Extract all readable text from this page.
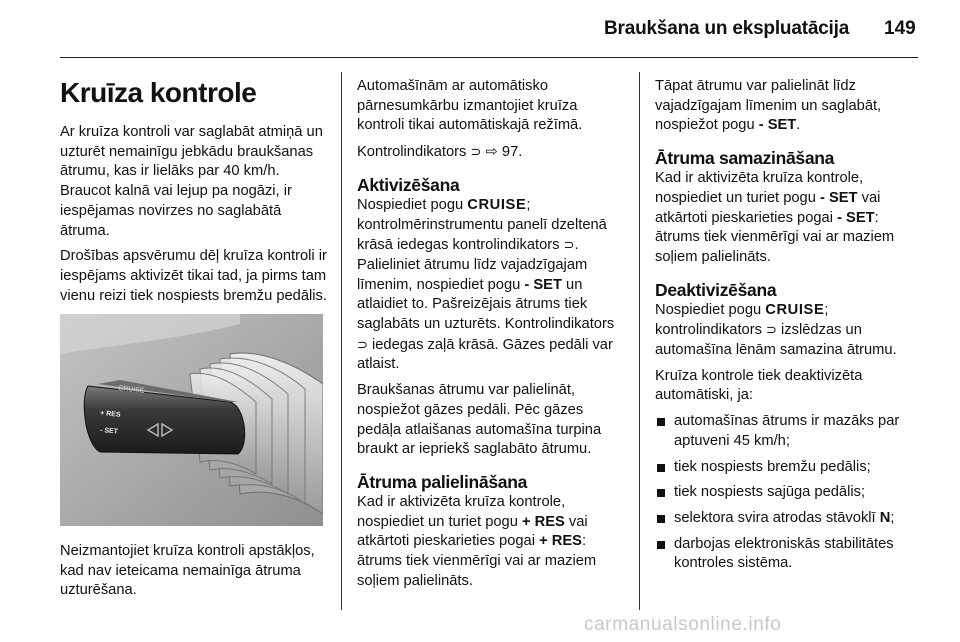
Braukšana un ekspluatācija 149
Kruīza kontrole

Ar kruīza kontroli var saglabāt atmiņā un uzturēt nemainīgu jebkādu braukšanas ātrumu, kas ir lielāks par 40 km/h. Braucot kalnā vai lejup pa nogāzi, ir iespējamas novirzes no saglabātā ātruma.

Drošības apsvērumu dēļ kruīza kontroli ir iespējams aktivizēt tikai tad, ja pirms tam vienu reizi tiek nospiests bremžu pedālis.

CRUISE
+ RES
- SET
Neizmantojiet kruīza kontroli apstākļos, kad nav ieteicama nemainīga ātruma uzturēšana.

Automašīnām ar automātisko pārnesumkārbu izmantojiet kruīza kontroli tikai automātiskajā režīmā.

Kontrolindikators ⊃ ⇨ 97.

Aktivizēšana

Nospiediet pogu CRUISE; kontrolmērinstrumentu panelī dzeltenā krāsā iedegas kontrolindikators ⊃. Palieliniet ātrumu līdz vajadzīgajam līmenim, nospiediet pogu - SET un atlaidiet to. Pašreizējais ātrums tiek saglabāts un uzturēts. Kontrolindikators ⊃ iedegas zaļā krāsā. Gāzes pedāli var atlaist.

Braukšanas ātrumu var palielināt, nospiežot gāzes pedāli. Pēc gāzes pedāļa atlaišanas automašīna turpina braukt ar iepriekš saglabāto ātrumu.

Ātruma palielināšana

Kad ir aktivizēta kruīza kontrole, nospiediet un turiet pogu + RES vai atkārtoti pieskarieties pogai + RES: ātrums tiek vienmērīgi vai ar maziem soļiem palielināts.

Tāpat ātrumu var palielināt līdz vajadzīgajam līmenim un saglabāt, nospiežot pogu - SET.

Ātruma samazināšana

Kad ir aktivizēta kruīza kontrole, nospiediet un turiet pogu - SET vai atkārtoti pieskarieties pogai - SET: ātrums tiek vienmērīgi vai ar maziem soļiem palielināts.

Deaktivizēšana

Nospiediet pogu CRUISE; kontrolindikators ⊃ izslēdzas un automašīna lēnām samazina ātrumu.

Kruīza kontrole tiek deaktivizēta automātiski, ja:

automašīnas ātrums ir mazāks par aptuveni 45 km/h;
tiek nospiests bremžu pedālis;
tiek nospiests sajūga pedālis;
selektora svira atrodas stāvoklī N;
darbojas elektroniskās stabilitātes kontroles sistēma.
carmanualsonline.info
